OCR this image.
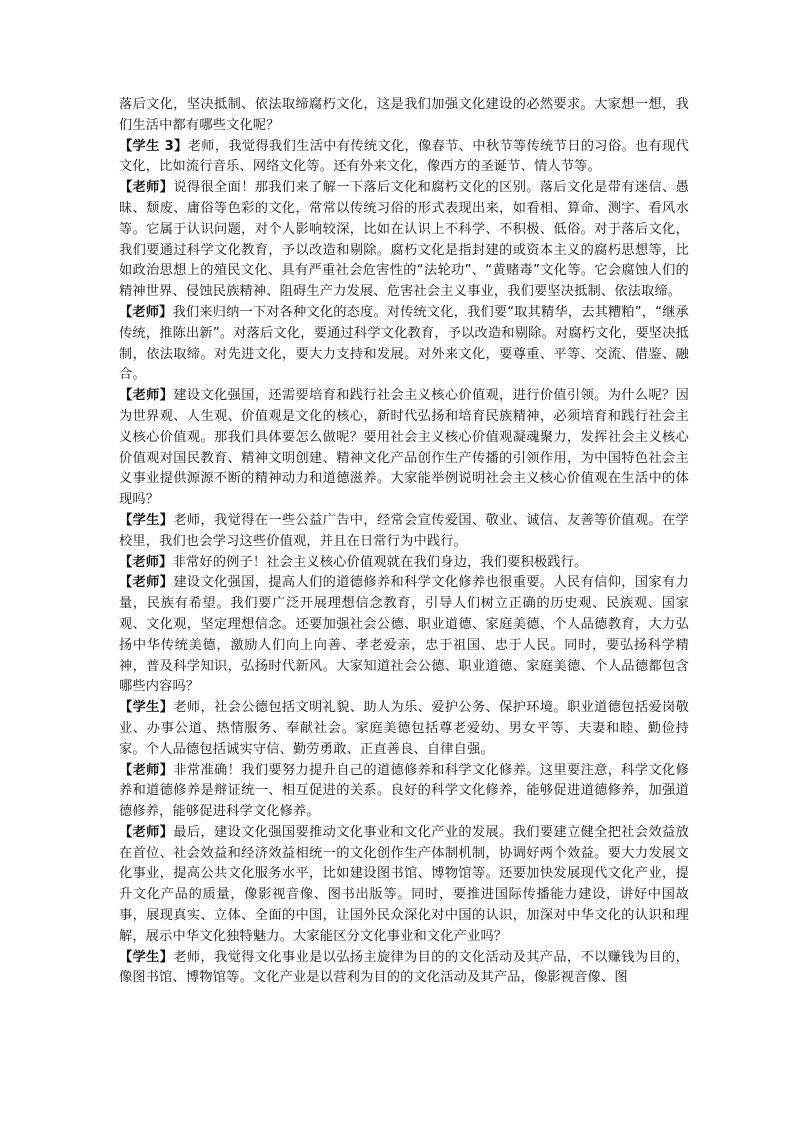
落后文化，坚决抵制、依法取缔腐朽文化，这是我们加强文化建设的必然要求。大家想一想，我们生活中都有哪些文化呢？

【学生 3】老师，我觉得我们生活中有传统文化，像春节、中秋节等传统节日的习俗。也有现代文化，比如流行音乐、网络文化等。还有外来文化，像西方的圣诞节、情人节等。

【老师】说得很全面！那我们来了解一下落后文化和腐朽文化的区别。落后文化是带有迷信、愚昧、颓废、庸俗等色彩的文化，常常以传统习俗的形式表现出来，如看相、算命、测字、看风水等。它属于认识问题，对个人影响较深，比如在认识上不科学、不积极、低俗。对于落后文化，我们要通过科学文化教育，予以改造和剔除。腐朽文化是指封建的或资本主义的腐朽思想等，比如政治思想上的殖民文化、具有严重社会危害性的“法轮功”、“黄赌毒”文化等。它会腐蚀人们的精神世界、侵蚀民族精神、阻碍生产力发展、危害社会主义事业，我们要坚决抵制、依法取缔。

【老师】我们来归纳一下对各种文化的态度。对传统文化，我们要“取其精华，去其糟粕”，“继承传统，推陈出新”。对落后文化，要通过科学文化教育，予以改造和剔除。对腐朽文化，要坚决抵制，依法取缔。对先进文化，要大力支持和发展。对外来文化，要尊重、平等、交流、借鉴、融合。

【老师】建设文化强国，还需要培育和践行社会主义核心价值观，进行价值引领。为什么呢？因为世界观、人生观、价值观是文化的核心，新时代弘扬和培育民族精神，必须培育和践行社会主义核心价值观。那我们具体要怎么做呢？要用社会主义核心价值观凝魂聚力，发挥社会主义核心价值观对国民教育、精神文明创建、精神文化产品创作生产传播的引领作用，为中国特色社会主义事业提供源源不断的精神动力和道德滋养。大家能举例说明社会主义核心价值观在生活中的体现吗？

【学生】老师，我觉得在一些公益广告中，经常会宣传爱国、敬业、诚信、友善等价值观。在学校里，我们也会学习这些价值观，并且在日常行为中践行。

【老师】非常好的例子！社会主义核心价值观就在我们身边，我们要积极践行。

【老师】建设文化强国，提高人们的道德修养和科学文化修养也很重要。人民有信仰，国家有力量，民族有希望。我们要广泛开展理想信念教育，引导人们树立正确的历史观、民族观、国家观、文化观，坚定理想信念。还要加强社会公德、职业道德、家庭美德、个人品德教育，大力弘扬中华传统美德，激励人们向上向善、孝老爱亲，忠于祖国、忠于人民。同时，要弘扬科学精神，普及科学知识，弘扬时代新风。大家知道社会公德、职业道德、家庭美德、个人品德都包含哪些内容吗？

【学生】老师，社会公德包括文明礼貌、助人为乐、爱护公务、保护环境。职业道德包括爱岗敬业、办事公道、热情服务、奉献社会。家庭美德包括尊老爱幼、男女平等、夫妻和睦、勤俭持家。个人品德包括诚实守信、勤劳勇敢、正直善良、自律自强。

【老师】非常准确！我们要努力提升自己的道德修养和科学文化修养。这里要注意，科学文化修养和道德修养是辩证统一、相互促进的关系。良好的科学文化修养，能够促进道德修养，加强道德修养，能够促进科学文化修养。

【老师】最后，建设文化强国要推动文化事业和文化产业的发展。我们要建立健全把社会效益放在首位、社会效益和经济效益相统一的文化创作生产体制机制，协调好两个效益。要大力发展文化事业，提高公共文化服务水平，比如建设图书馆、博物馆等。还要加快发展现代文化产业，提升文化产品的质量，像影视音像、图书出版等。同时，要推进国际传播能力建设，讲好中国故事，展现真实、立体、全面的中国，让国外民众深化对中国的认识，加深对中华文化的认识和理解，展示中华文化独特魅力。大家能区分文化事业和文化产业吗？

【学生】老师，我觉得文化事业是以弘扬主旋律为目的的文化活动及其产品，不以赚钱为目的，像图书馆、博物馆等。文化产业是以营利为目的的文化活动及其产品，像影视音像、图
